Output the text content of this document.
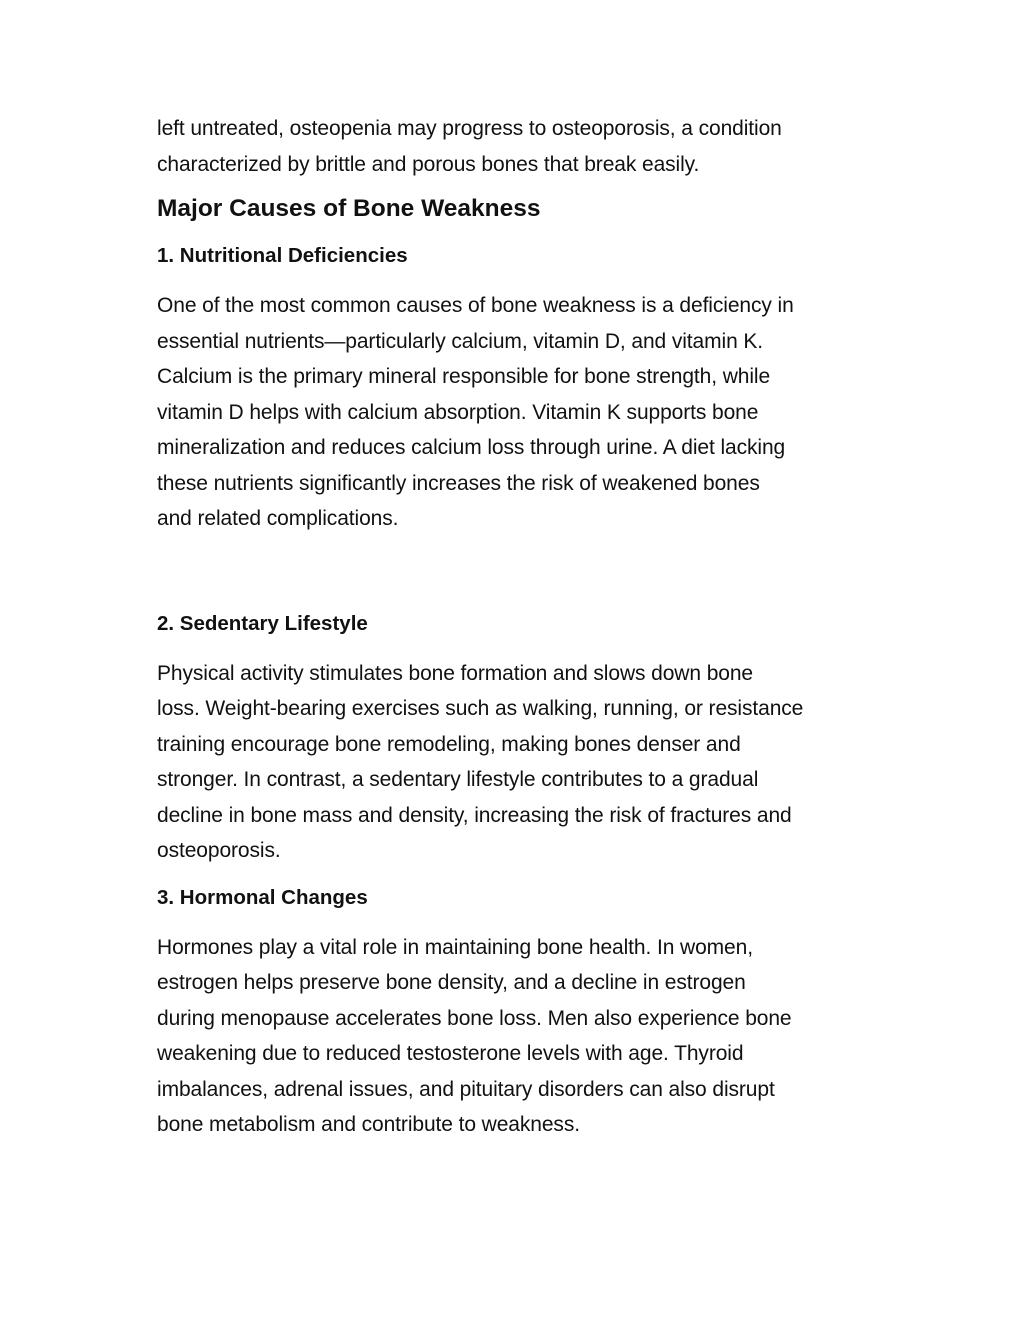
left untreated, osteopenia may progress to osteoporosis, a condition
characterized by brittle and porous bones that break easily.

Major Causes of Bone Weakness
1. Nutritional Deficiencies

One of the most common causes of bone weakness is a deficiency in
essential nutrients—particularly calcium, vitamin D, and vitamin K.
Calcium is the primary mineral responsible for bone strength, while
vitamin D helps with calcium absorption. Vitamin K supports bone
mineralization and reduces calcium loss through urine. A diet lacking
these nutrients significantly increases the risk of weakened bones
and related complications.

2. Sedentary Lifestyle

Physical activity stimulates bone formation and slows down bone
loss. Weight-bearing exercises such as walking, running, or resistance
training encourage bone remodeling, making bones denser and
stronger. In contrast, a sedentary lifestyle contributes to a gradual
decline in bone mass and density, increasing the risk of fractures and
osteoporosis.

3. Hormonal Changes

Hormones play a vital role in maintaining bone health. In women,
estrogen helps preserve bone density, and a decline in estrogen
during menopause accelerates bone loss. Men also experience bone
weakening due to reduced testosterone levels with age. Thyroid
imbalances, adrenal issues, and pituitary disorders can also disrupt
bone metabolism and contribute to weakness.
